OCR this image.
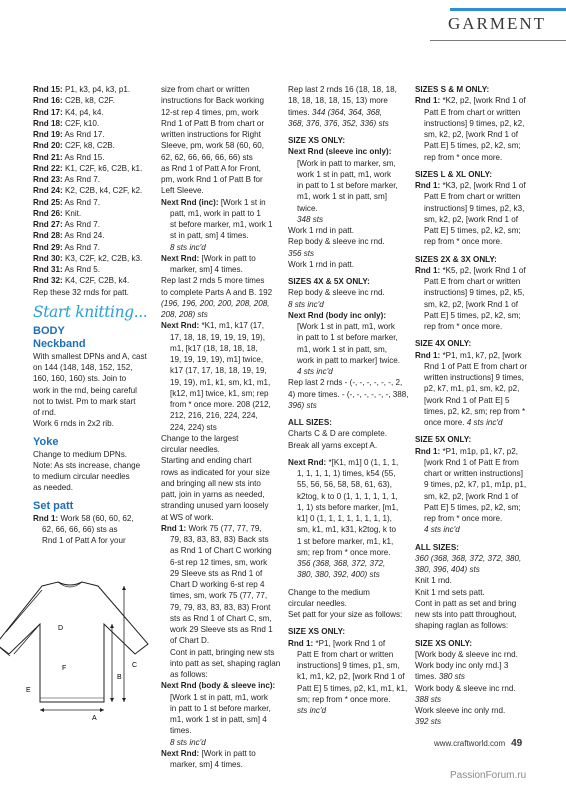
GARMENT
Rnd 15: P1, k3, p4, k3, p1.
Rnd 16: C2B, k8, C2F.
Rnd 17: K4, p4, k4.
Rnd 18: C2F, k10.
Rnd 19: As Rnd 17.
Rnd 20: C2F, k8, C2B.
Rnd 21: As Rnd 15.
Rnd 22: K1, C2F, k6, C2B, k1.
Rnd 23: As Rnd 7.
Rnd 24: K2, C2B, k4, C2F, k2.
Rnd 25: As Rnd 7.
Rnd 26: Knit.
Rnd 27: As Rnd 7.
Rnd 28: As Rnd 24.
Rnd 29: As Rnd 7.
Rnd 30: K3, C2F, k2, C2B, k3.
Rnd 31: As Rnd 5.
Rnd 32: K4, C2F, C2B, k4.
Rep these 32 rnds for patt.
Start knitting...
BODY
Neckband
With smallest DPNs and A, cast
on 144 (148, 148, 152, 152,
160, 160, 160) sts. Join to
work in the rnd, being careful
not to twist. Pm to mark start
of rnd.
Work 6 rnds in 2x2 rib.
Yoke
Change to medium DPNs.
Note: As sts increase, change
to medium circular needles
as needed.
Set patt
Rnd 1: Work 58 (60, 60, 62,
62, 66, 66, 66) sts as
Rnd 1 of Patt A for your
size from chart or written
instructions for Back working
12-st rep 4 times, pm, work
Rnd 1 of Patt B from chart or
written instructions for Right
Sleeve, pm, work 58 (60, 60,
62, 62, 66, 66, 66, 66) sts
as Rnd 1 of Patt A for Front,
pm, work Rnd 1 of Patt B for
Left Sleeve.
Next Rnd (inc): [Work 1 st in
patt, m1, work in patt to 1
st before marker, m1, work 1
st in patt, sm] 4 times.
8 sts inc'd
Next Rnd: [Work in patt to
marker, sm] 4 times.
Rep last 2 rnds 5 more times
to complete Parts A and B. 192
(196, 196, 200, 200, 208, 208,
208, 208) sts
Next Rnd: *K1, m1, k17 (17,
17, 18, 18, 19, 19, 19, 19),
m1, [k17 (18, 18, 18, 18,
19, 19, 19, 19), m1] twice,
k17 (17, 17, 18, 18, 19, 19,
19, 19), m1, k1, sm, k1, m1,
[k12, m1] twice, k1, sm; rep
from * once more. 208 (212,
212, 216, 216, 224, 224,
224, 224) sts
Change to the largest
circular needles.
Starting and ending chart
rows as indicated for your size
and bringing all new sts into
patt, join in yarns as needed,
stranding unused yarn loosely
at WS of work.
Rnd 1: Work 75 (77, 77, 79,
79, 83, 83, 83, 83) Back sts
as Rnd 1 of Chart C working
6-st rep 12 times, sm, work
29 Sleeve sts as Rnd 1 of
Chart D working 6-st rep 4
times, sm, work 75 (77, 77,
79, 79, 83, 83, 83, 83) Front
sts as Rnd 1 of Chart C, sm,
work 29 Sleeve sts as Rnd 1
of Chart D.
Cont in patt, bringing new sts
into patt as set, shaping raglan
as follows:
Next Rnd (body & sleeve inc):
[Work 1 st in patt, m1, work
in patt to 1 st before marker,
m1, work 1 st in patt, sm] 4
times.
8 sts inc'd
Next Rnd: [Work in patt to
marker, sm] 4 times.
Rep last 2 rnds 16 (18, 18, 18,
18, 18, 18, 18, 15, 13) more
times. 344 (364, 364, 368,
368, 376, 376, 352, 336) sts
SIZE XS ONLY:
Next Rnd (sleeve inc only):
[Work in patt to marker, sm,
work 1 st in patt, m1, work
in patt to 1 st before marker,
m1, work 1 st in patt, sm]
twice.
348 sts
Work 1 rnd in patt.
Rep body & sleeve inc rnd.
356 sts
Work 1 rnd in patt.
SIZES 4X & 5X ONLY:
Rep body & sleeve inc rnd.
8 sts inc'd
Next Rnd (body inc only):
[Work 1 st in patt, m1, work
in patt to 1 st before marker,
m1, work 1 st in patt, sm,
work in patt to marker] twice.
4 sts inc'd
Rep last 2 rnds - (-, -, -, -, -, -, 2,
4) more times. - (-, -, -, -, -, -, 388,
396) sts
ALL SIZES:
Charts C & D are complete.
Break all yarns except A.
Next Rnd: *[K1, m1] 0 (1, 1, 1,
1, 1, 1, 1, 1) times, k54 (55,
55, 56, 56, 58, 58, 61, 63),
k2tog, k to 0 (1, 1, 1, 1, 1, 1,
1, 1) sts before marker, [m1,
k1] 0 (1, 1, 1, 1, 1, 1, 1, 1),
sm, k1, m1, k31, k2tog, k to
1 st before marker, m1, k1,
sm; rep from * once more.
356 (368, 368, 372, 372,
380, 380, 392, 400) sts
Change to the medium
circular needles.
Set patt for your size as follows:
SIZE XS ONLY:
Rnd 1: *P1, [work Rnd 1 of
Patt E from chart or written
instructions] 9 times, p1, sm,
k1, m1, k2, p2, [work Rnd 1 of
Patt E] 5 times, p2, k1, m1, k1,
sm; rep from * once more.
sts inc'd
SIZES S & M ONLY:
Rnd 1: *K2, p2, [work Rnd 1 of
Patt E from chart or written
instructions] 9 times, p2, k2,
sm, k2, p2, [work Rnd 1 of
Patt E] 5 times, p2, k2, sm;
rep from * once more.
SIZES L & XL ONLY:
Rnd 1: *K3, p2, [work Rnd 1 of
Patt E from chart or written
instructions] 9 times, p2, k3,
sm, k2, p2, [work Rnd 1 of
Patt E] 5 times, p2, k2, sm;
rep from * once more.
SIZES 2X & 3X ONLY:
Rnd 1: *K5, p2, [work Rnd 1 of
Patt E from chart or written
instructions] 9 times, p2, k5,
sm, k2, p2, [work Rnd 1 of
Patt E] 5 times, p2, k2, sm;
rep from * once more.
SIZE 4X ONLY:
Rnd 1: *P1, m1, k7, p2, [work
Rnd 1 of Patt E from chart or
written instructions] 9 times,
p2, k7, m1, p1, sm, k2, p2,
[work Rnd 1 of Patt E] 5
times, p2, k2, sm; rep from *
once more. 4 sts inc'd
SIZE 5X ONLY:
Rnd 1: *P1, m1p, p1, k7, p2,
[work Rnd 1 of Patt E from
chart or written instructions]
9 times, p2, k7, p1, m1p, p1,
sm, k2, p2, [work Rnd 1 of
Patt E] 5 times, p2, k2, sm;
rep from * once more.
4 sts inc'd
ALL SIZES:
360 (368, 368, 372, 372, 380,
380, 396, 404) sts
Knit 1 rnd.
Knit 1 rnd sets patt.
Cont in patt as set and bring
new sts into patt throughout,
shaping raglan as follows:
SIZE XS ONLY:
[Work body & sleeve inc rnd.
Work body inc only rnd.] 3
times. 380 sts
Work body & sleeve inc rnd.
388 sts
Work sleeve inc only rnd.
392 sts
D
C
F
B
E
A
www.craftworld.com 49
PassionForum.ru
